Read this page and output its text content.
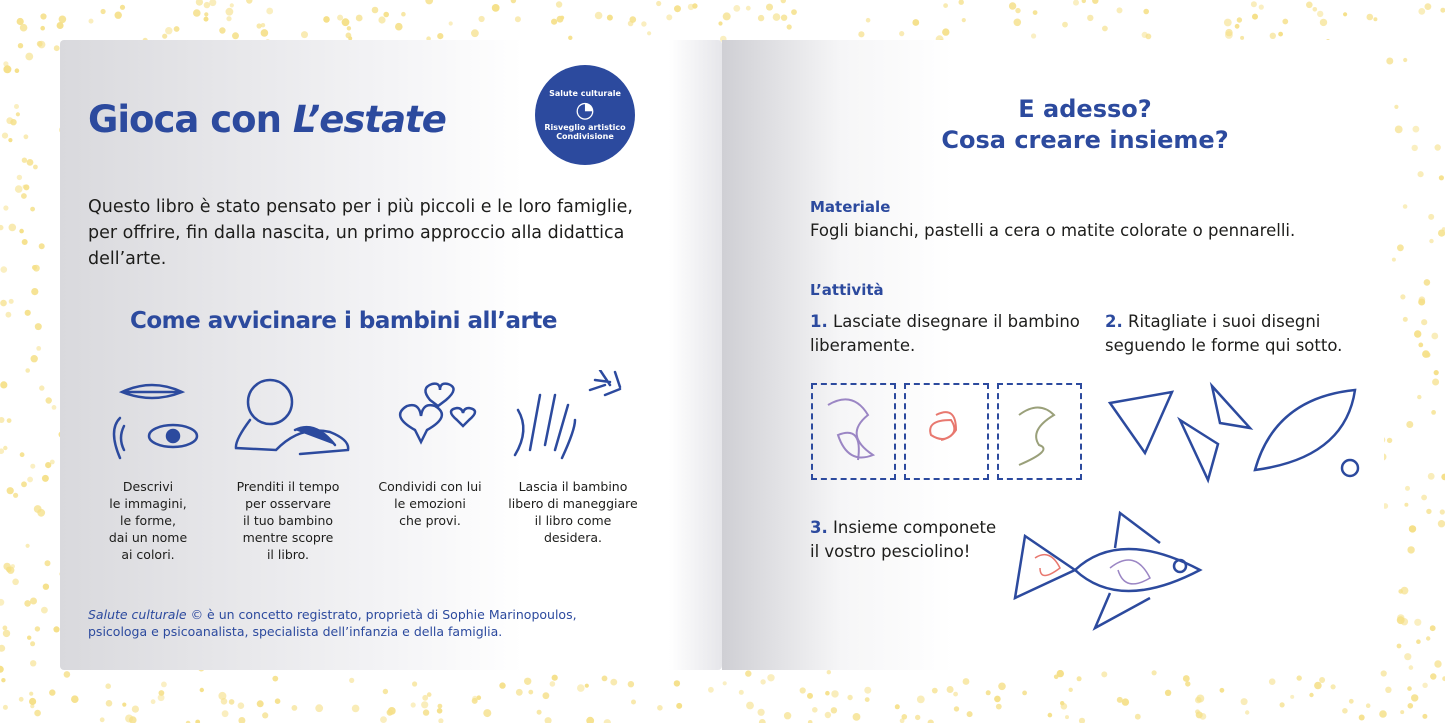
Gioca con L’estate
Salute culturale
◔
Risveglio artistico
Condivisione

Questo libro è stato pensato per i più piccoli e le loro famiglie, per offrire, fin dalla nascita, un primo approccio alla didattica dell’arte.

Come avvicinare i bambini all’arte
Descrivi
le immagini,
le forme,
dai un nome
ai colori.
Prenditi il tempo
per osservare
il tuo bambino
mentre scopre
il libro.
Condividi con lui
le emozioni
che provi.
Lascia il bambino
libero di maneggiare
il libro come
desidera.

Salute culturale © è un concetto registrato, proprietà di Sophie Marinopoulos, psicologa e psicoanalista, specialista dell’infanzia e della famiglia.

E adesso?
Cosa creare insieme?
Materiale
Fogli bianchi, pastelli a cera o matite colorate o pennarelli.
L’attività
1. Lasciate disegnare il bambino liberamente.
2. Ritagliate i suoi disegni seguendo le forme qui sotto.
3. Insieme componete il vostro pesciolino!
